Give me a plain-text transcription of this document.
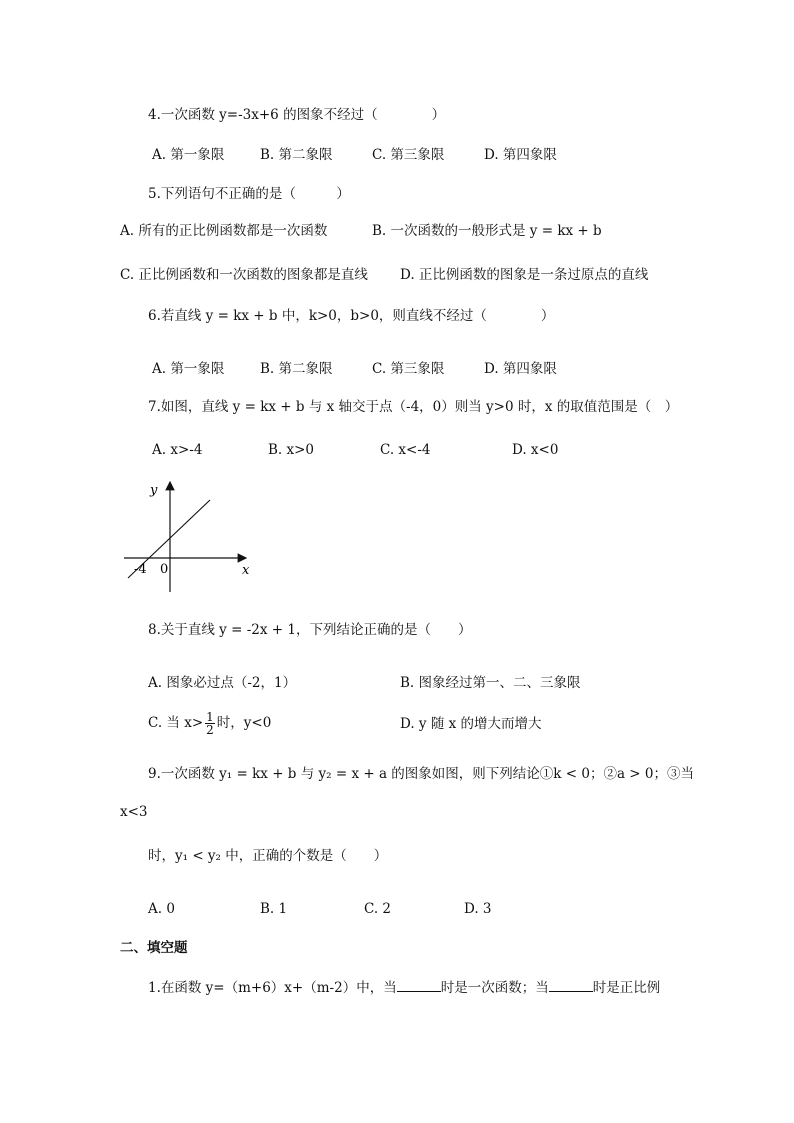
4.一次函数 y=-3x+6 的图象不经过（　　　　）
A. 第一象限	B. 第二象限	C. 第三象限	D. 第四象限
5.下列语句不正确的是（　　　）
A. 所有的正比例函数都是一次函数	B. 一次函数的一般形式是 y = kx + b
C. 正比例函数和一次函数的图象都是直线 D. 正比例函数的图象是一条过原点的直线
6.若直线 y = kx + b 中，k>0，b>0，则直线不经过（　　　　）
A. 第一象限	B. 第二象限	C. 第三象限	D. 第四象限
7.如图，直线 y = kx + b 与 x 轴交于点（-4，0）则当 y>0 时，x 的取值范围是（　）
A. x>-4	B. x>0	C. x<-4	D. x<0
y
x
-4 0
8.关于直线 y = -2x + 1，下列结论正确的是（　　）
A. 图象必过点（-2，1）	B. 图象经过第一、二、三象限
C. 当 $x> \frac{1}{2}$ 时，y<0	D. y 随 x 的增大而增大
9.一次函数 y₁ = kx + b 与 y₂ = x + a 的图象如图，则下列结论①k < 0；②a > 0；③当
x<3
时，y₁ < y₂ 中，正确的个数是（　　）
A. 0	B. 1	C. 2	D. 3
二、填空题
1.在函数 y=（m+6）x+（m-2）中，当	时是一次函数；当	时是正比例
